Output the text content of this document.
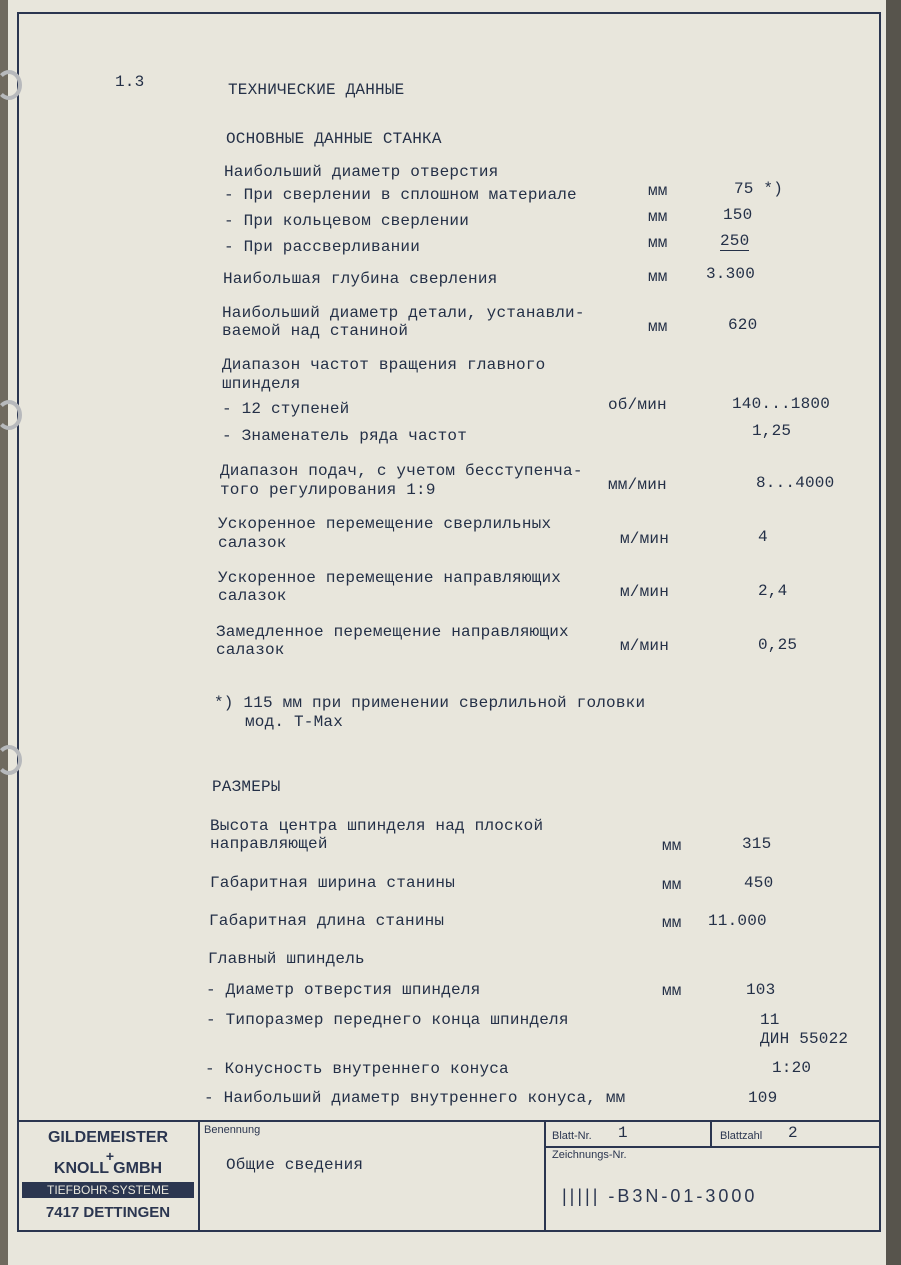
1.3	ТЕХНИЧЕСКИЕ ДАННЫЕ
ОСНОВНЫЕ ДАННЫЕ СТАНКА
Наибольший диаметр отверстия
- При сверлении в сплошном материале	мм	75 *)
- При кольцевом сверлении	мм	150
- При рассверливании	мм	250
Наибольшая глубина сверления	мм 3.300
Наибольший диаметр детали, устанавли-
ваемой над станиной	мм	620
Диапазон частот вращения главного
шпинделя
- 12 ступеней	об/мин	140...1800
- Знаменатель ряда частот	1,25
Диапазон подач, с учетом бесступенча-
того регулирования 1:9	мм/мин	8...4000
Ускоренное перемещение сверлильных
салазок	м/мин	4
Ускоренное перемещение направляющих
салазок	м/мин	2,4
Замедленное перемещение направляющих
салазок	м/мин	0,25
*) 115 мм при применении сверлильной головки
мод. Т-Max
РАЗМЕРЫ
Высота центра шпинделя над плоской
направляющей	мм	315
Габаритная ширина станины	мм	450
Габаритная длина станины	мм 11.000
Главный шпиндель
- Диаметр отверстия шпинделя	мм	103
- Типоразмер переднего конца шпинделя	11
ДИН 55022
- Конусность внутреннего конуса	1:20
- Наибольший диаметр внутреннего конуса, мм	109
GILDEMEISTER
+
KNOLL GMBH
TIEFBOHR-SYSTEME
7417 DETTINGEN
Benennung
Общие сведения
Blatt-Nr. 1	Blattzahl 2
Zeichnungs-Nr.
||||| -B3N-01-3000
